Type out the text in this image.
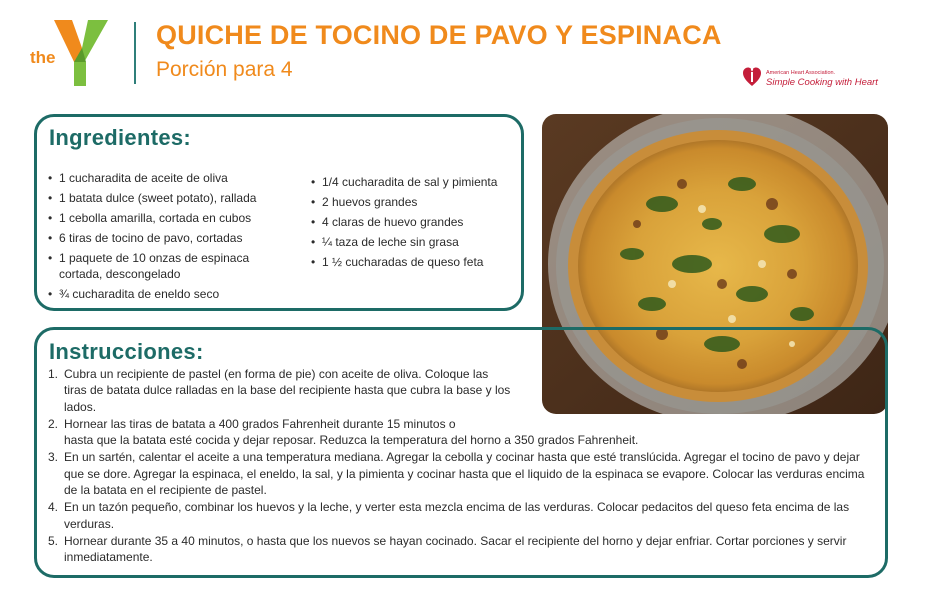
the
QUICHE DE TOCINO DE PAVO Y ESPINACA
Porción para 4	American Heart Association.
Simple Cooking with Heart
Ingredientes:
• 1 cucharadita de aceite de oliva
• 1 batata dulce (sweet potato), rallada
• 1 cebolla amarilla, cortada en cubos
• 6 tiras de tocino de pavo, cortadas
• 1 paquete de 10 onzas de espinaca cortada, descongelado
• ¾ cucharadita de eneldo seco
• 1/4 cucharadita de sal y pimienta
• 2 huevos grandes
• 4 claras de huevo grandes
• ¼ taza de leche sin grasa
• 1 ½ cucharadas de queso feta
Instrucciones:
1. Cubra un recipiente de pastel (en forma de pie) con aceite de oliva. Coloque las tiras de batata dulce ralladas en la base del recipiente hasta que cubra la base y los lados.
2. Hornear las tiras de batata a 400 grados Fahrenheit durante 15 minutos o
hasta que la batata esté cocida y dejar reposar. Reduzca la temperatura del horno a 350 grados Fahrenheit.
3. En un sartén, calentar el aceite a una temperatura mediana. Agregar la cebolla y cocinar hasta que esté translúcida. Agregar el tocino de pavo y dejar que se dore. Agregar la espinaca, el eneldo, la sal, y la pimienta y cocinar hasta que el liquido de la espinaca se evapore. Colocar las verduras encima de la batata en el recipiente de pastel.
4. En un tazón pequeño, combinar los huevos y la leche, y verter esta mezcla encima de las verduras. Colocar pedacitos del queso feta encima de las verduras.
5. Hornear durante 35 a 40 minutos, o hasta que los nuevos se hayan cocinado. Sacar el recipiente del horno y dejar enfriar. Cortar porciones y servir inmediatamente.
